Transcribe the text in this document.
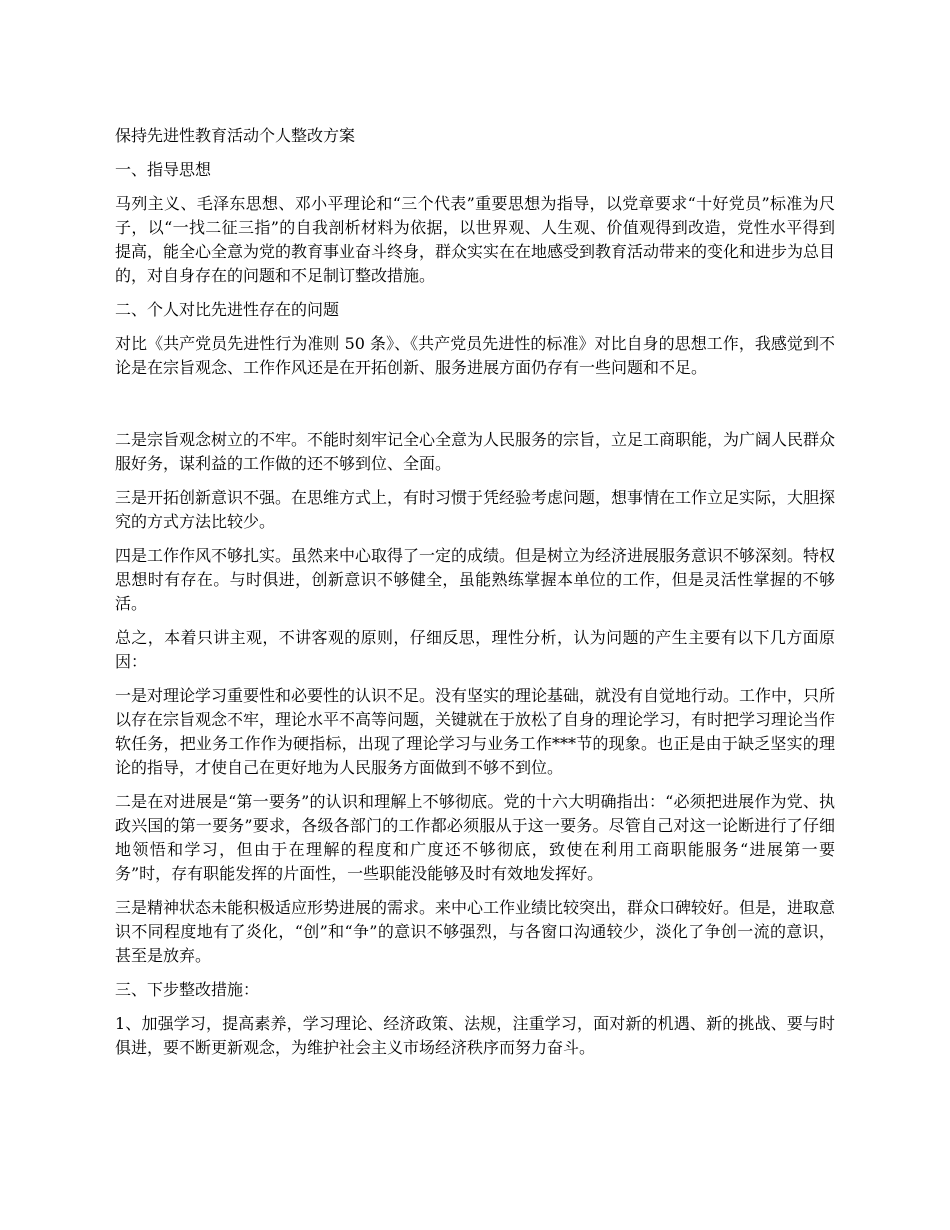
保持先进性教育活动个人整改方案

一、指导思想

马列主义、毛泽东思想、邓小平理论和“三个代表”重要思想为指导，以党章要求“十好党员”标准为尺子，以“一找二征三指”的自我剖析材料为依据，以世界观、人生观、价值观得到改造，党性水平得到提高，能全心全意为党的教育事业奋斗终身，群众实实在在地感受到教育活动带来的变化和进步为总目的，对自身存在的问题和不足制订整改措施。

二、个人对比先进性存在的问题

对比《共产党员先进性行为准则 50 条》、《共产党员先进性的标准》对比自身的思想工作，我感觉到不论是在宗旨观念、工作作风还是在开拓创新、服务进展方面仍存有一些问题和不足。

二是宗旨观念树立的不牢。不能时刻牢记全心全意为人民服务的宗旨，立足工商职能，为广阔人民群众服好务，谋利益的工作做的还不够到位、全面。

三是开拓创新意识不强。在思维方式上，有时习惯于凭经验考虑问题，想事情在工作立足实际，大胆探究的方式方法比较少。

四是工作作风不够扎实。虽然来中心取得了一定的成绩。但是树立为经济进展服务意识不够深刻。特权思想时有存在。与时俱进，创新意识不够健全，虽能熟练掌握本单位的工作，但是灵活性掌握的不够活。

总之，本着只讲主观，不讲客观的原则，仔细反思，理性分析，认为问题的产生主要有以下几方面原因：

一是对理论学习重要性和必要性的认识不足。没有坚实的理论基础，就没有自觉地行动。工作中，只所以存在宗旨观念不牢，理论水平不高等问题，关键就在于放松了自身的理论学习，有时把学习理论当作软任务，把业务工作作为硬指标，出现了理论学习与业务工作***节的现象。也正是由于缺乏坚实的理论的指导，才使自己在更好地为人民服务方面做到不够不到位。

二是在对进展是“第一要务”的认识和理解上不够彻底。党的十六大明确指出：“必须把进展作为党、执政兴国的第一要务”要求，各级各部门的工作都必须服从于这一要务。尽管自己对这一论断进行了仔细地领悟和学习，但由于在理解的程度和广度还不够彻底，致使在利用工商职能服务“进展第一要务”时，存有职能发挥的片面性，一些职能没能够及时有效地发挥好。

三是精神状态未能积极适应形势进展的需求。来中心工作业绩比较突出，群众口碑较好。但是，进取意识不同程度地有了炎化，“创”和“争”的意识不够强烈，与各窗口沟通较少，淡化了争创一流的意识，甚至是放弃。

三、下步整改措施：

1、加强学习，提高素养，学习理论、经济政策、法规，注重学习，面对新的机遇、新的挑战、要与时俱进，要不断更新观念，为维护社会主义市场经济秩序而努力奋斗。
